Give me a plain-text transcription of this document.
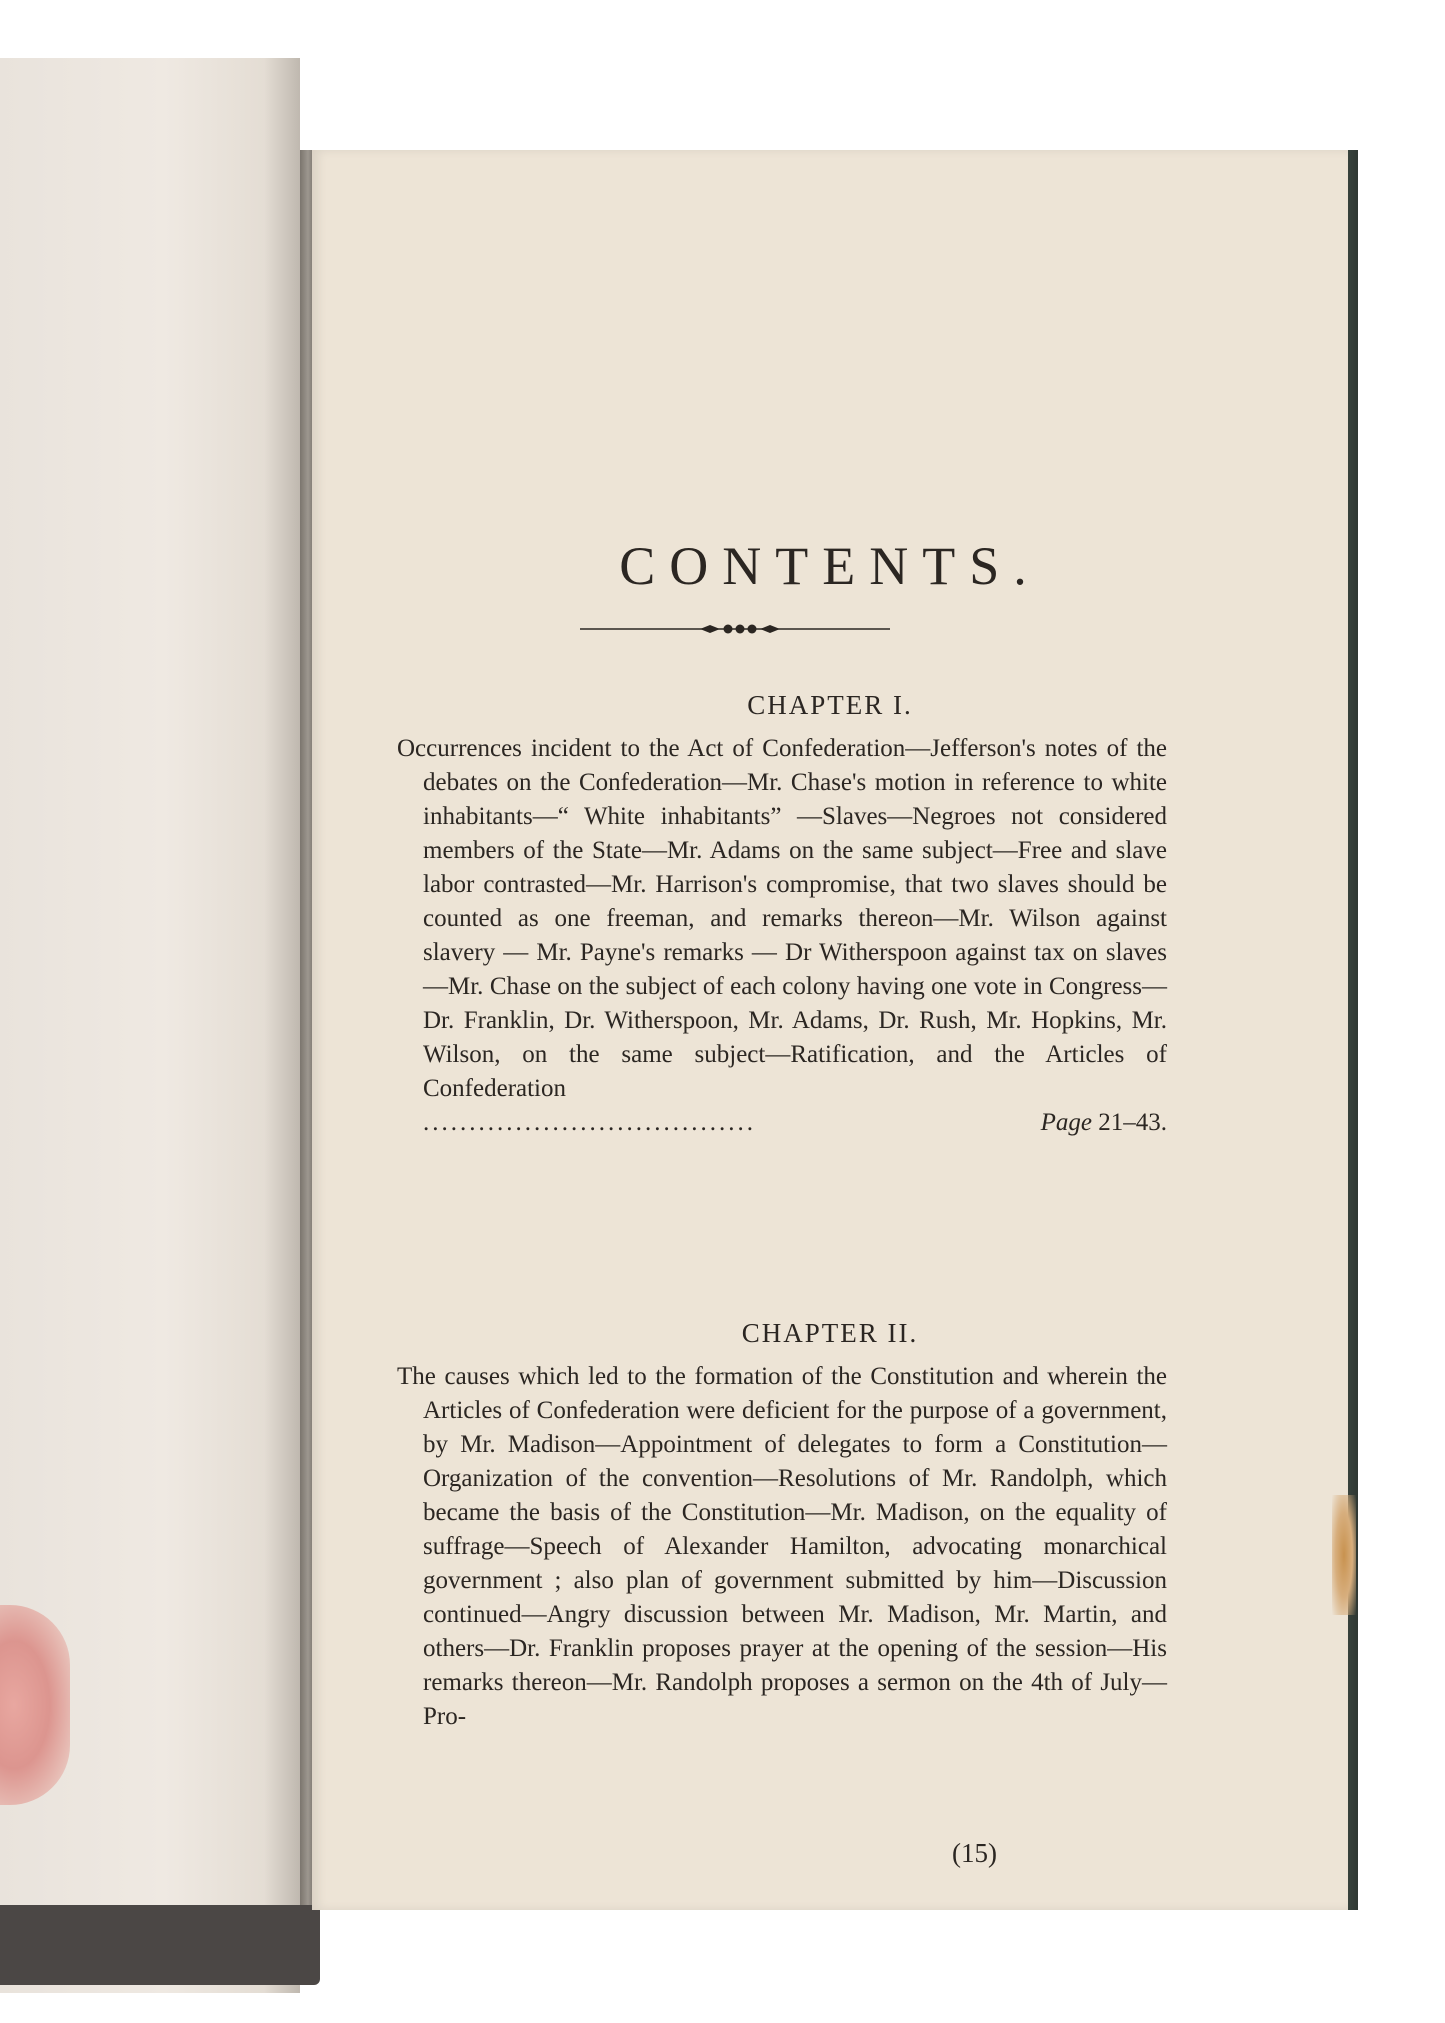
CONTENTS.
CHAPTER I.
Occurrences incident to the Act of Confederation—Jefferson's notes of the debates on the Confederation—Mr. Chase's motion in reference to white inhabitants—“ White inhabitants” —Slaves—Negroes not considered members of the State—Mr. Adams on the same subject—Free and slave labor contrasted—Mr. Harrison's compromise, that two slaves should be counted as one freeman, and remarks thereon—Mr. Wilson against slavery — Mr. Payne's remarks — Dr Witherspoon against tax on slaves—Mr. Chase on the subject of each colony having one vote in Congress—Dr. Franklin, Dr. Witherspoon, Mr. Adams, Dr. Rush, Mr. Hopkins, Mr. Wilson, on the same subject—Ratification, and the Articles of Confederation
....................................	Page
21–43.
CHAPTER II.
The causes which led to the formation of the Constitution and wherein the Articles of Confederation were deficient for the purpose of a government, by Mr. Madison—Appointment of delegates to form a Constitution—Organization of the convention—Resolutions of Mr. Randolph, which became the basis of the Constitution—Mr. Madison, on the equality of suffrage—Speech of Alexander Hamilton, advocating monarchical government ; also plan of government submitted by him—Discussion continued—Angry discussion between Mr. Madison, Mr. Martin, and others—Dr. Franklin proposes prayer at the opening of the session—His remarks thereon—Mr. Randolph proposes a sermon on the 4th of July—Pro-
(15)
